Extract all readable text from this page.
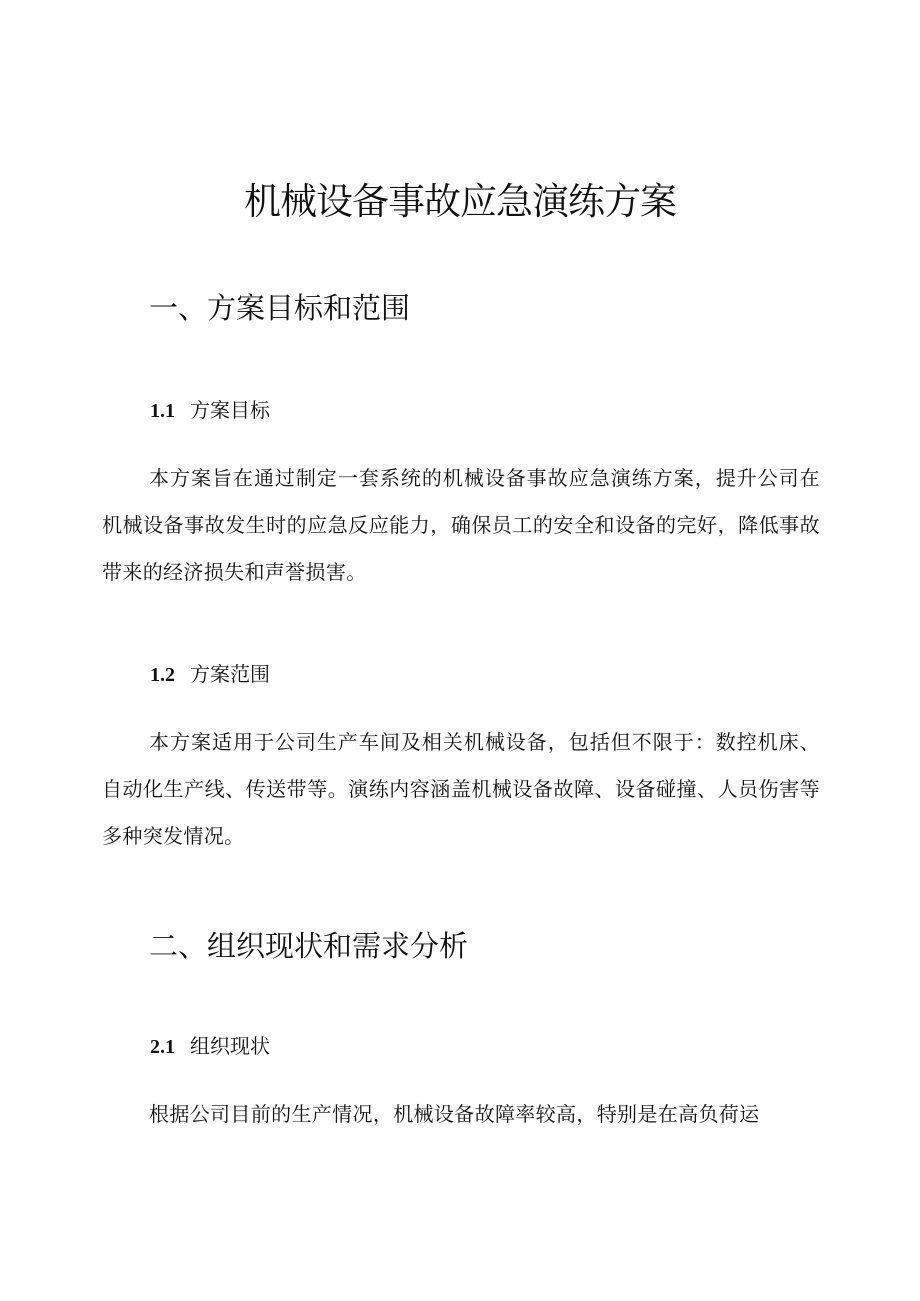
机械设备事故应急演练方案
一、方案目标和范围
1.1 方案目标

本方案旨在通过制定一套系统的机械设备事故应急演练方案，提升公司在机械设备事故发生时的应急反应能力，确保员工的安全和设备的完好，降低事故带来的经济损失和声誉损害。

1.2 方案范围

本方案适用于公司生产车间及相关机械设备，包括但不限于：数控机床、自动化生产线、传送带等。演练内容涵盖机械设备故障、设备碰撞、人员伤害等多种突发情况。

二、组织现状和需求分析
2.1 组织现状

根据公司目前的生产情况，机械设备故障率较高，特别是在高负荷运
